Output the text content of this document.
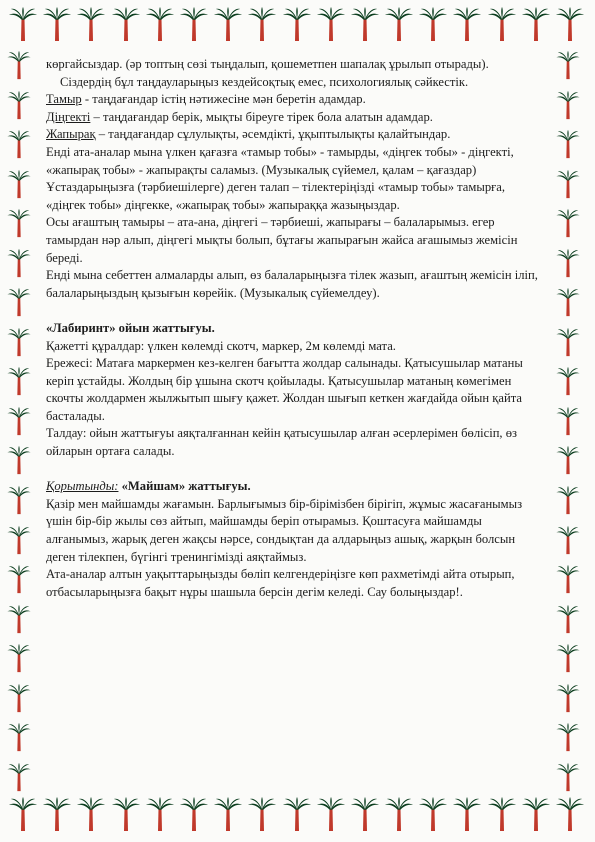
көргайсыздар. (әр топтың сөзі тыңдалып, қошеметпен шапалақ ұрылып отырады).

Сіздердің бұл таңдауларыңыз кездейсоқтық емес, психологиялық сәйкестік.

Тамыр - таңдағандар істің нәтижесіне мән беретін адамдар.

Діңгекті – таңдағандар берік, мықты біреуге тірек бола алатын адамдар.

Жапырақ – таңдағандар сұлулықты, әсемдікті, ұқыптылықты қалайтындар.

Енді ата-аналар мына үлкен қағазға «тамыр тобы» - тамырды, «діңгек тобы» - діңгекті, «жапырақ тобы» - жапырақты саламыз. (Музыкалық сүйемел, қалам – қағаздар)

Ұстаздарыңызға (тәрбиешілерге) деген талап – тілектеріңізді «тамыр тобы» тамырға, «діңгек тобы» діңгекке, «жапырақ тобы» жапыраққа жазыңыздар.

Осы ағаштың тамыры – ата-ана, діңгегі – тәрбиеші, жапырағы – балаларымыз. егер тамырдан нәр алып, діңгегі мықты болып, бұтағы жапырағын жайса ағашымыз жемісін береді.

Енді мына себеттен алмаларды алып, өз балаларыңызға тілек жазып, ағаштың жемісін іліп, балаларыңыздың қызығын көрейік. (Музыкалық сүйемелдеу).

«Лабиринт» ойын жаттығуы.

Қажетті құралдар: үлкен көлемді скотч, маркер, 2м көлемді мата.

Ережесі: Матаға маркермен кез-келген бағытта жолдар салынады. Қатысушылар матаны керіп ұстайды. Жолдың бір ұшына скотч қойылады. Қатысушылар матаның көмегімен скочты жолдармен жылжытып шығу қажет. Жолдан шығып кеткен жағдайда ойын қайта басталады.

Талдау: ойын жаттығуы аяқталғаннан кейін қатысушылар алған әсерлерімен бөлісіп, өз ойларын ортаға салады.

Қорытынды: «Майшам» жаттығуы.

Қазір мен майшамды жағамын. Барлығымыз бір-бірімізбен бірігіп, жұмыс жасағанымыз үшін бір-бір жылы сөз айтып, майшамды беріп отырамыз. Қоштасуға майшамды алғанымыз, жарық деген жақсы нәрсе, сондықтан да алдарыңыз ашық, жарқын болсын деген тілекпен, бүгінгі тренингімізді аяқтаймыз.

Ата-аналар алтын уақыттарыңызды бөліп келгендеріңізге көп рахметімді айта отырып, отбасыларыңызға бақыт нұры шашыла берсін дегім келеді. Сау болыңыздар!.
